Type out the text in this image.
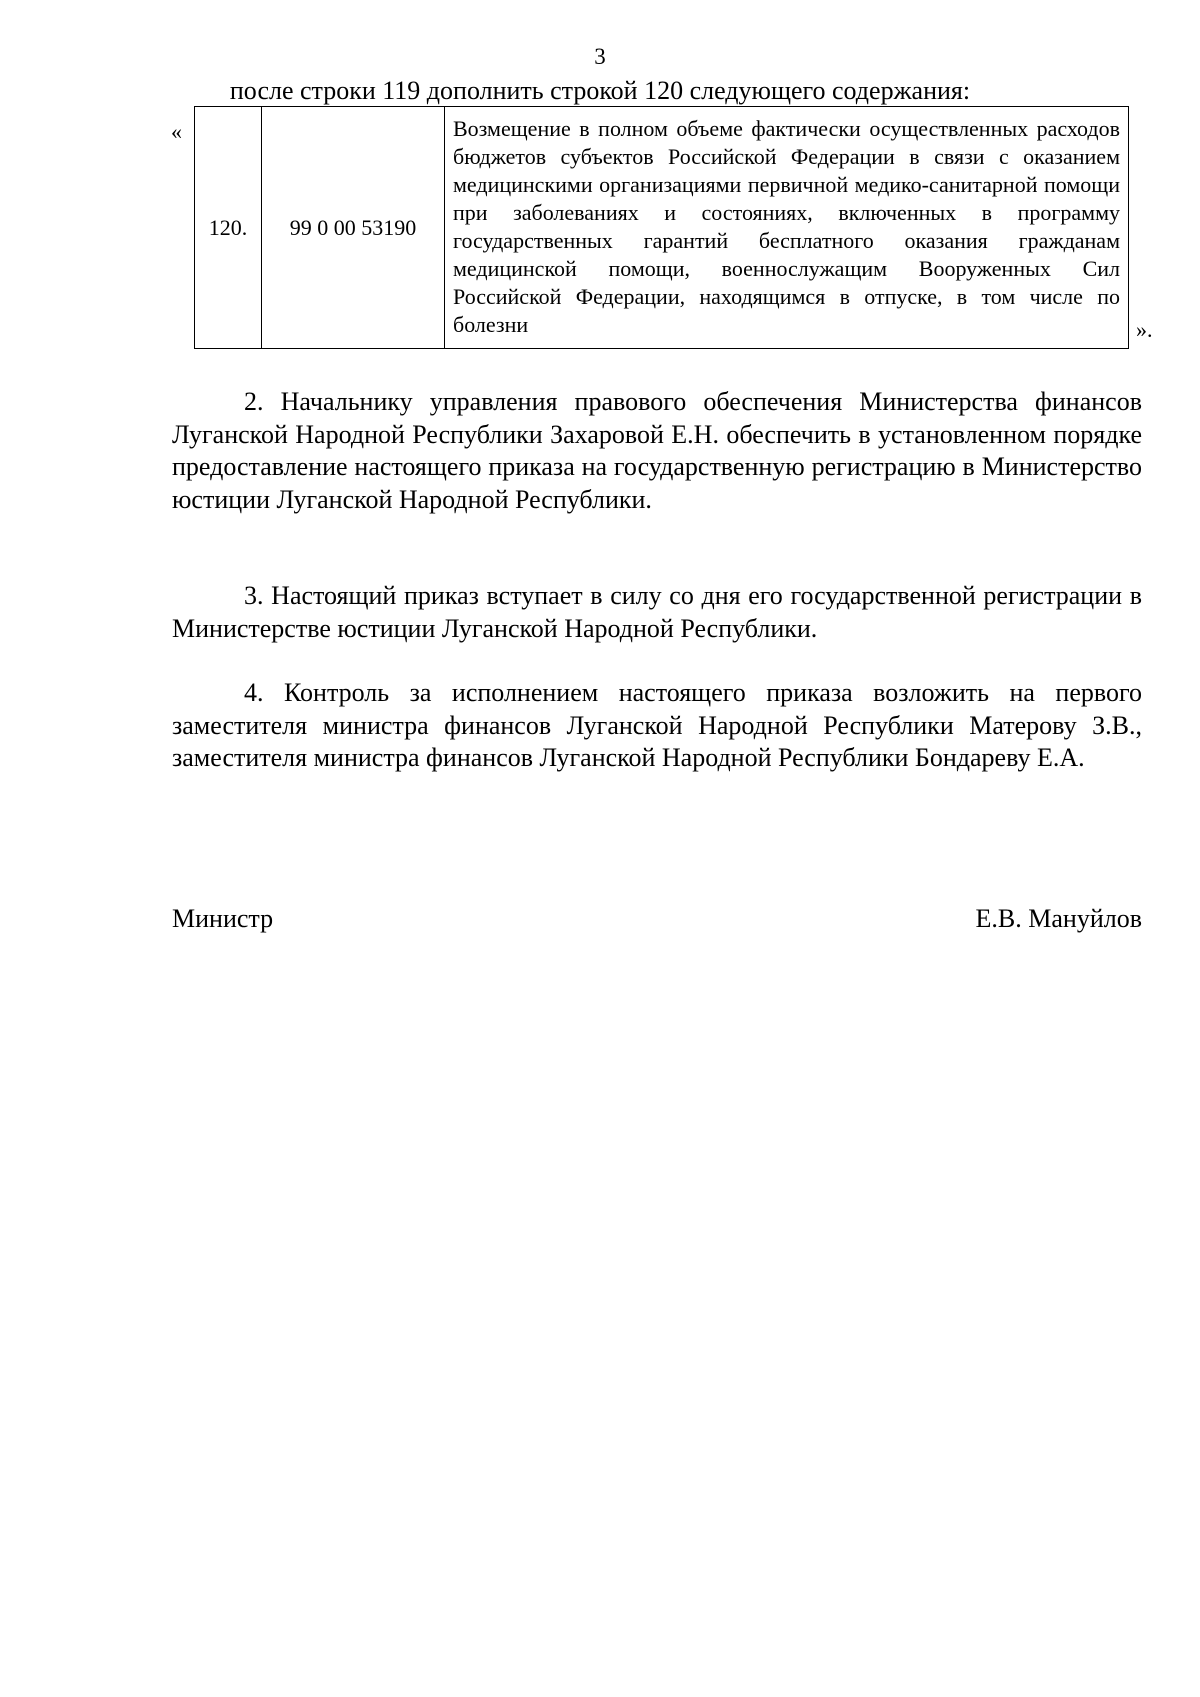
3
после строки 119 дополнить строкой 120 следующего содержания:
«
120.	99 0 00 53190	Возмещение в полном объеме фактически осуществленных расходов бюджетов субъектов Российской Федерации в связи с оказанием медицинскими организациями первичной медико-санитарной помощи при заболеваниях и состояниях, включенных в программу государственных гарантий бесплатного оказания гражданам медицинской помощи, военнослужащим Вооруженных Сил Российской Федерации, находящимся в отпуске, в том числе по болезни	».

2. Начальнику управления правового обеспечения Министерства финансов Луганской Народной Республики Захаровой Е.Н. обеспечить в установленном порядке предоставление настоящего приказа на государственную регистрацию в Министерство юстиции Луганской Народной Республики.

3. Настоящий приказ вступает в силу со дня его государственной регистрации в Министерстве юстиции Луганской Народной Республики.

4. Контроль за исполнением настоящего приказа возложить на первого заместителя министра финансов Луганской Народной Республики Матерову З.В., заместителя министра финансов Луганской Народной Республики Бондареву Е.А.

Министр	Е.В. Мануйлов
